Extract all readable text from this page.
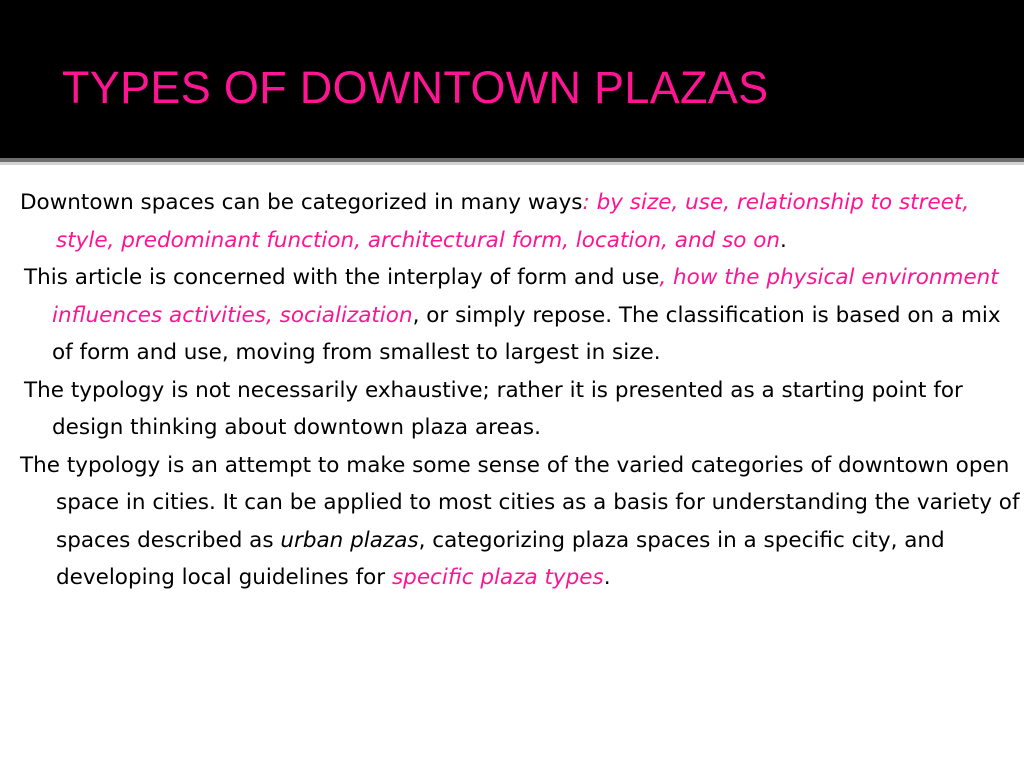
TYPES OF DOWNTOWN PLAZAS

Downtown spaces can be categorized in many ways: by size, use, relationship to street, style, predominant function, architectural form, location, and so on.

This article is concerned with the interplay of form and use, how the physical environment influences activities, socialization, or simply repose. The classification is based on a mix of form and use, moving from smallest to largest in size.

The typology is not necessarily exhaustive; rather it is presented as a starting point for design thinking about downtown plaza areas.

The typology is an attempt to make some sense of the varied categories of downtown open space in cities. It can be applied to most cities as a basis for understanding the variety of spaces described as urban plazas, categorizing plaza spaces in a specific city, and developing local guidelines for specific plaza types.
